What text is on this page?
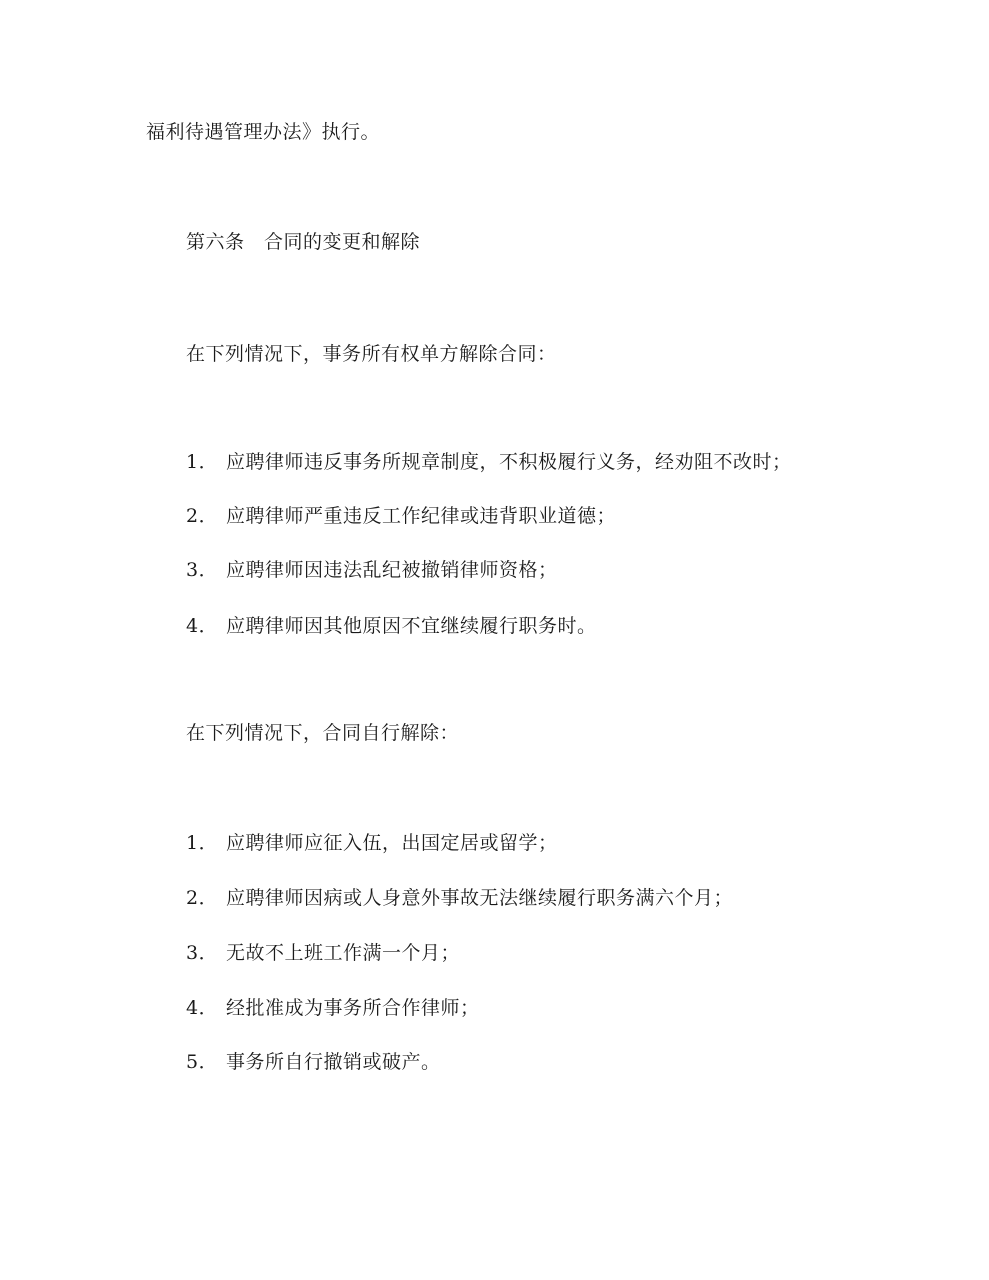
福利待遇管理办法》执行。
第六条　合同的变更和解除
在下列情况下，事务所有权单方解除合同：
1． 应聘律师违反事务所规章制度，不积极履行义务，经劝阻不改时；
2． 应聘律师严重违反工作纪律或违背职业道德；
3． 应聘律师因违法乱纪被撤销律师资格；
4． 应聘律师因其他原因不宜继续履行职务时。
在下列情况下，合同自行解除：
1． 应聘律师应征入伍，出国定居或留学；
2． 应聘律师因病或人身意外事故无法继续履行职务满六个月；
3． 无故不上班工作满一个月；
4． 经批准成为事务所合作律师；
5． 事务所自行撤销或破产。
